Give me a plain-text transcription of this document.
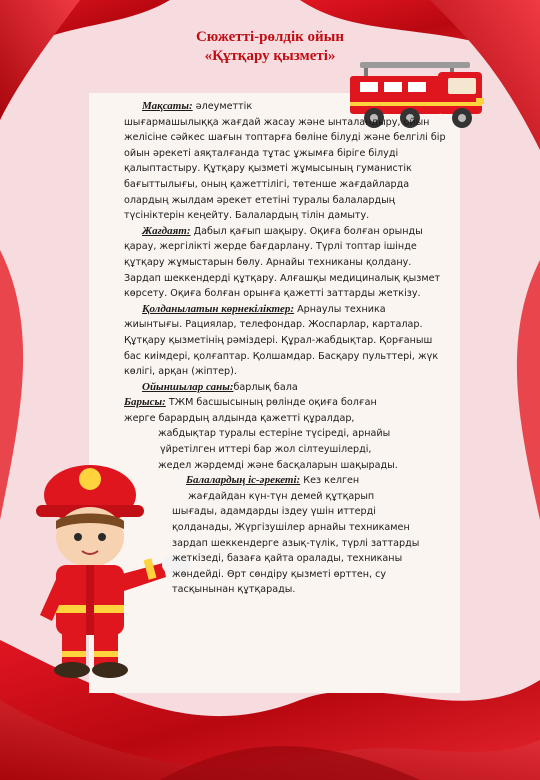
Сюжетті-рөлдік ойын
«Құтқару қызметі»

Мақсаты: әлеуметтік
шығармашылыққа жағдай жасау және ынталандыру, ойын желісіне сәйкес шағын топтарға бөліне білуді және белгілі бір ойын әрекеті аяқталғанда тұтас ұжымға біріге білуді қалыптастыру. Құтқару қызметі жұмысының гуманистік бағыттылығы, оның қажеттілігі, төтенше жағдайларда олардың жылдам әрекет ететіні туралы балалардың түсініктерін кеңейту. Балалардың тілін дамыту.

Жағдаят: Дабыл қағып шақыру. Оқиға болған орынды қарау, жергілікті жерде бағдарлану. Түрлі топтар ішінде құтқару жұмыстарын бөлу. Арнайы техниканы қолдану. Зардап шеккендерді құтқару. Алғашқы медициналық қызмет көрсету. Оқиға болған орынға қажетті заттарды жеткізу.

Қолданылатын көрнекіліктер: Арнаулы техника жиынтығы. Рациялар, телефондар. Жоспарлар, карталар. Құтқару қызметінің рәміздері. Құрал-жабдықтар. Қорғаныш бас киімдері, қолғаптар. Қолшамдар. Басқару пульттері, жүк көлігі, арқан (жіптер).

Ойыншылар саны:барлық бала

Барысы: ТЖМ басшысының рөлінде оқиға болған

жерге барардың алдында қажетті құралдар,

жабдықтар туралы естеріне түсіреді, арнайы

үйретілген иттері бар жол сілтеушілерді,

жедел жәрдемді және басқаларын шақырады.

Балалардың іс-әрекеті: Кез келген

жағдайдан күн-түн демей құтқарып

шығады, адамдарды іздеу үшін иттерді

қолданады, Жүргізушілер арнайы техникамен

зардап шеккендерге азық-түлік, түрлі заттарды

жеткізеді, базаға қайта оралады, техниканы

жөндейді. Өрт сөндіру қызметі өрттен, су

тасқынынан құтқарады.
